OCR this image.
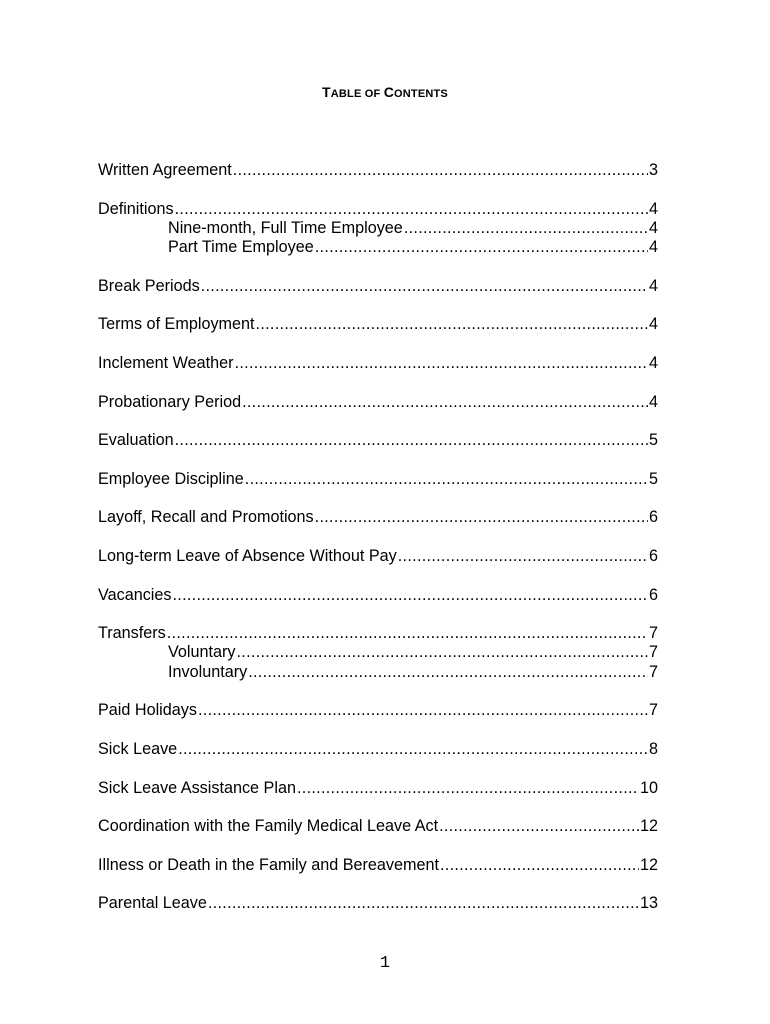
TABLE OF CONTENTS
Written Agreement .....	3
Definitions .....	4
Nine-month, Full Time Employee .....	4
Part Time Employee .....	4
Break Periods .....	4
Terms of Employment .....	4
Inclement Weather .....	4
Probationary Period .....	4
Evaluation .....	5
Employee Discipline .....	5
Layoff, Recall and Promotions .....	6
Long-term Leave of Absence Without Pay .....	6
Vacancies .....	6
Transfers .....	7
Voluntary .....	7
Involuntary .....	7
Paid Holidays .....	7
Sick Leave .....	8
Sick Leave Assistance Plan .....	10
Coordination with the Family Medical Leave Act .....	12
Illness or Death in the Family and Bereavement .....	12
Parental Leave .....	13
1
